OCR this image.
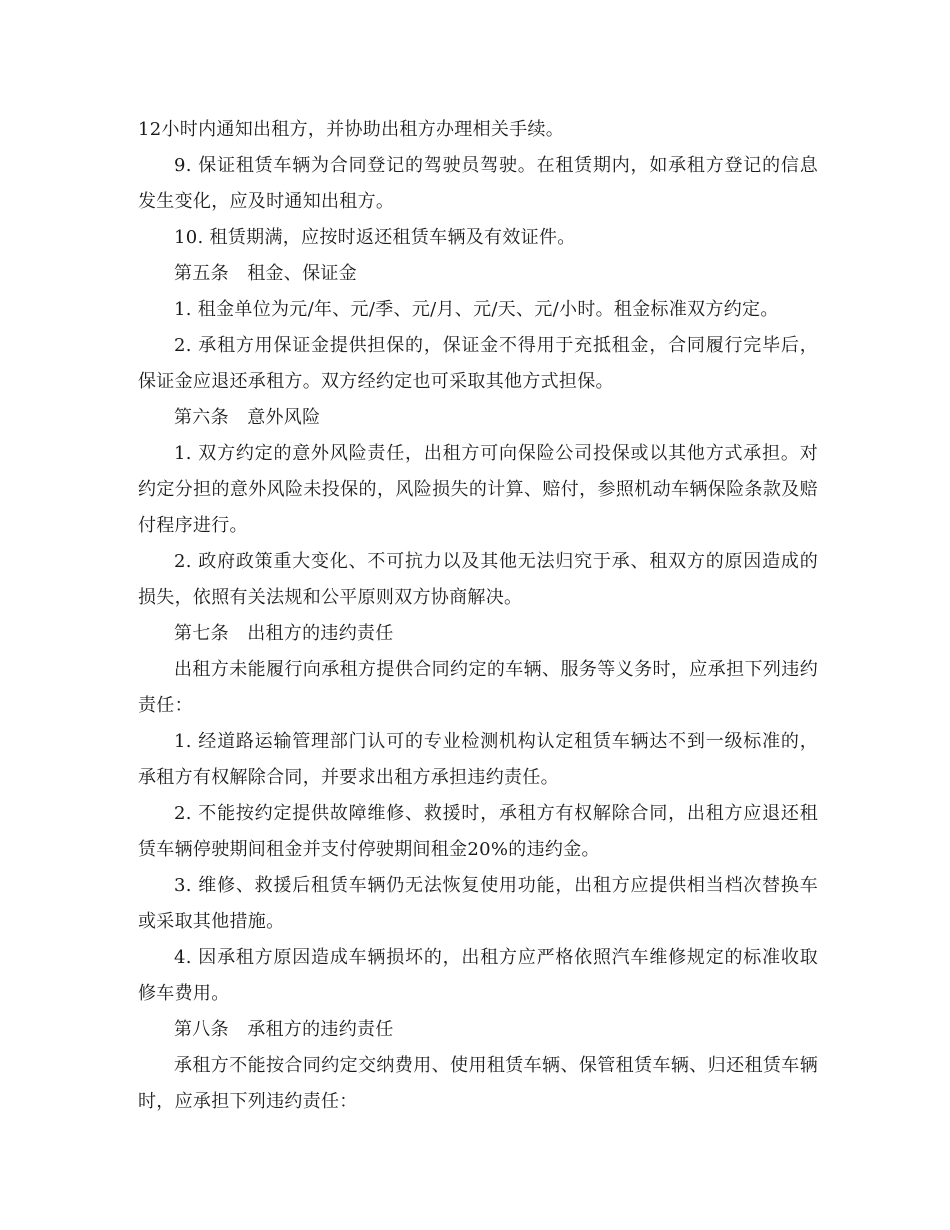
12小时内通知出租方，并协助出租方办理相关手续。

9. 保证租赁车辆为合同登记的驾驶员驾驶。在租赁期内，如承租方登记的信息发生变化，应及时通知出租方。

10. 租赁期满，应按时返还租赁车辆及有效证件。

第五条　租金、保证金

1. 租金单位为元/年、元/季、元/月、元/天、元/小时。租金标准双方约定。

2. 承租方用保证金提供担保的，保证金不得用于充抵租金，合同履行完毕后，保证金应退还承租方。双方经约定也可采取其他方式担保。

第六条　意外风险

1. 双方约定的意外风险责任，出租方可向保险公司投保或以其他方式承担。对约定分担的意外风险未投保的，风险损失的计算、赔付，参照机动车辆保险条款及赔付程序进行。

2. 政府政策重大变化、不可抗力以及其他无法归究于承、租双方的原因造成的损失，依照有关法规和公平原则双方协商解决。

第七条　出租方的违约责任

出租方未能履行向承租方提供合同约定的车辆、服务等义务时，应承担下列违约责任：

1. 经道路运输管理部门认可的专业检测机构认定租赁车辆达不到一级标准的，承租方有权解除合同，并要求出租方承担违约责任。

2. 不能按约定提供故障维修、救援时，承租方有权解除合同，出租方应退还租赁车辆停驶期间租金并支付停驶期间租金20%的违约金。

3. 维修、救援后租赁车辆仍无法恢复使用功能，出租方应提供相当档次替换车或采取其他措施。

4. 因承租方原因造成车辆损坏的，出租方应严格依照汽车维修规定的标准收取修车费用。

第八条　承租方的违约责任

承租方不能按合同约定交纳费用、使用租赁车辆、保管租赁车辆、归还租赁车辆时，应承担下列违约责任：
